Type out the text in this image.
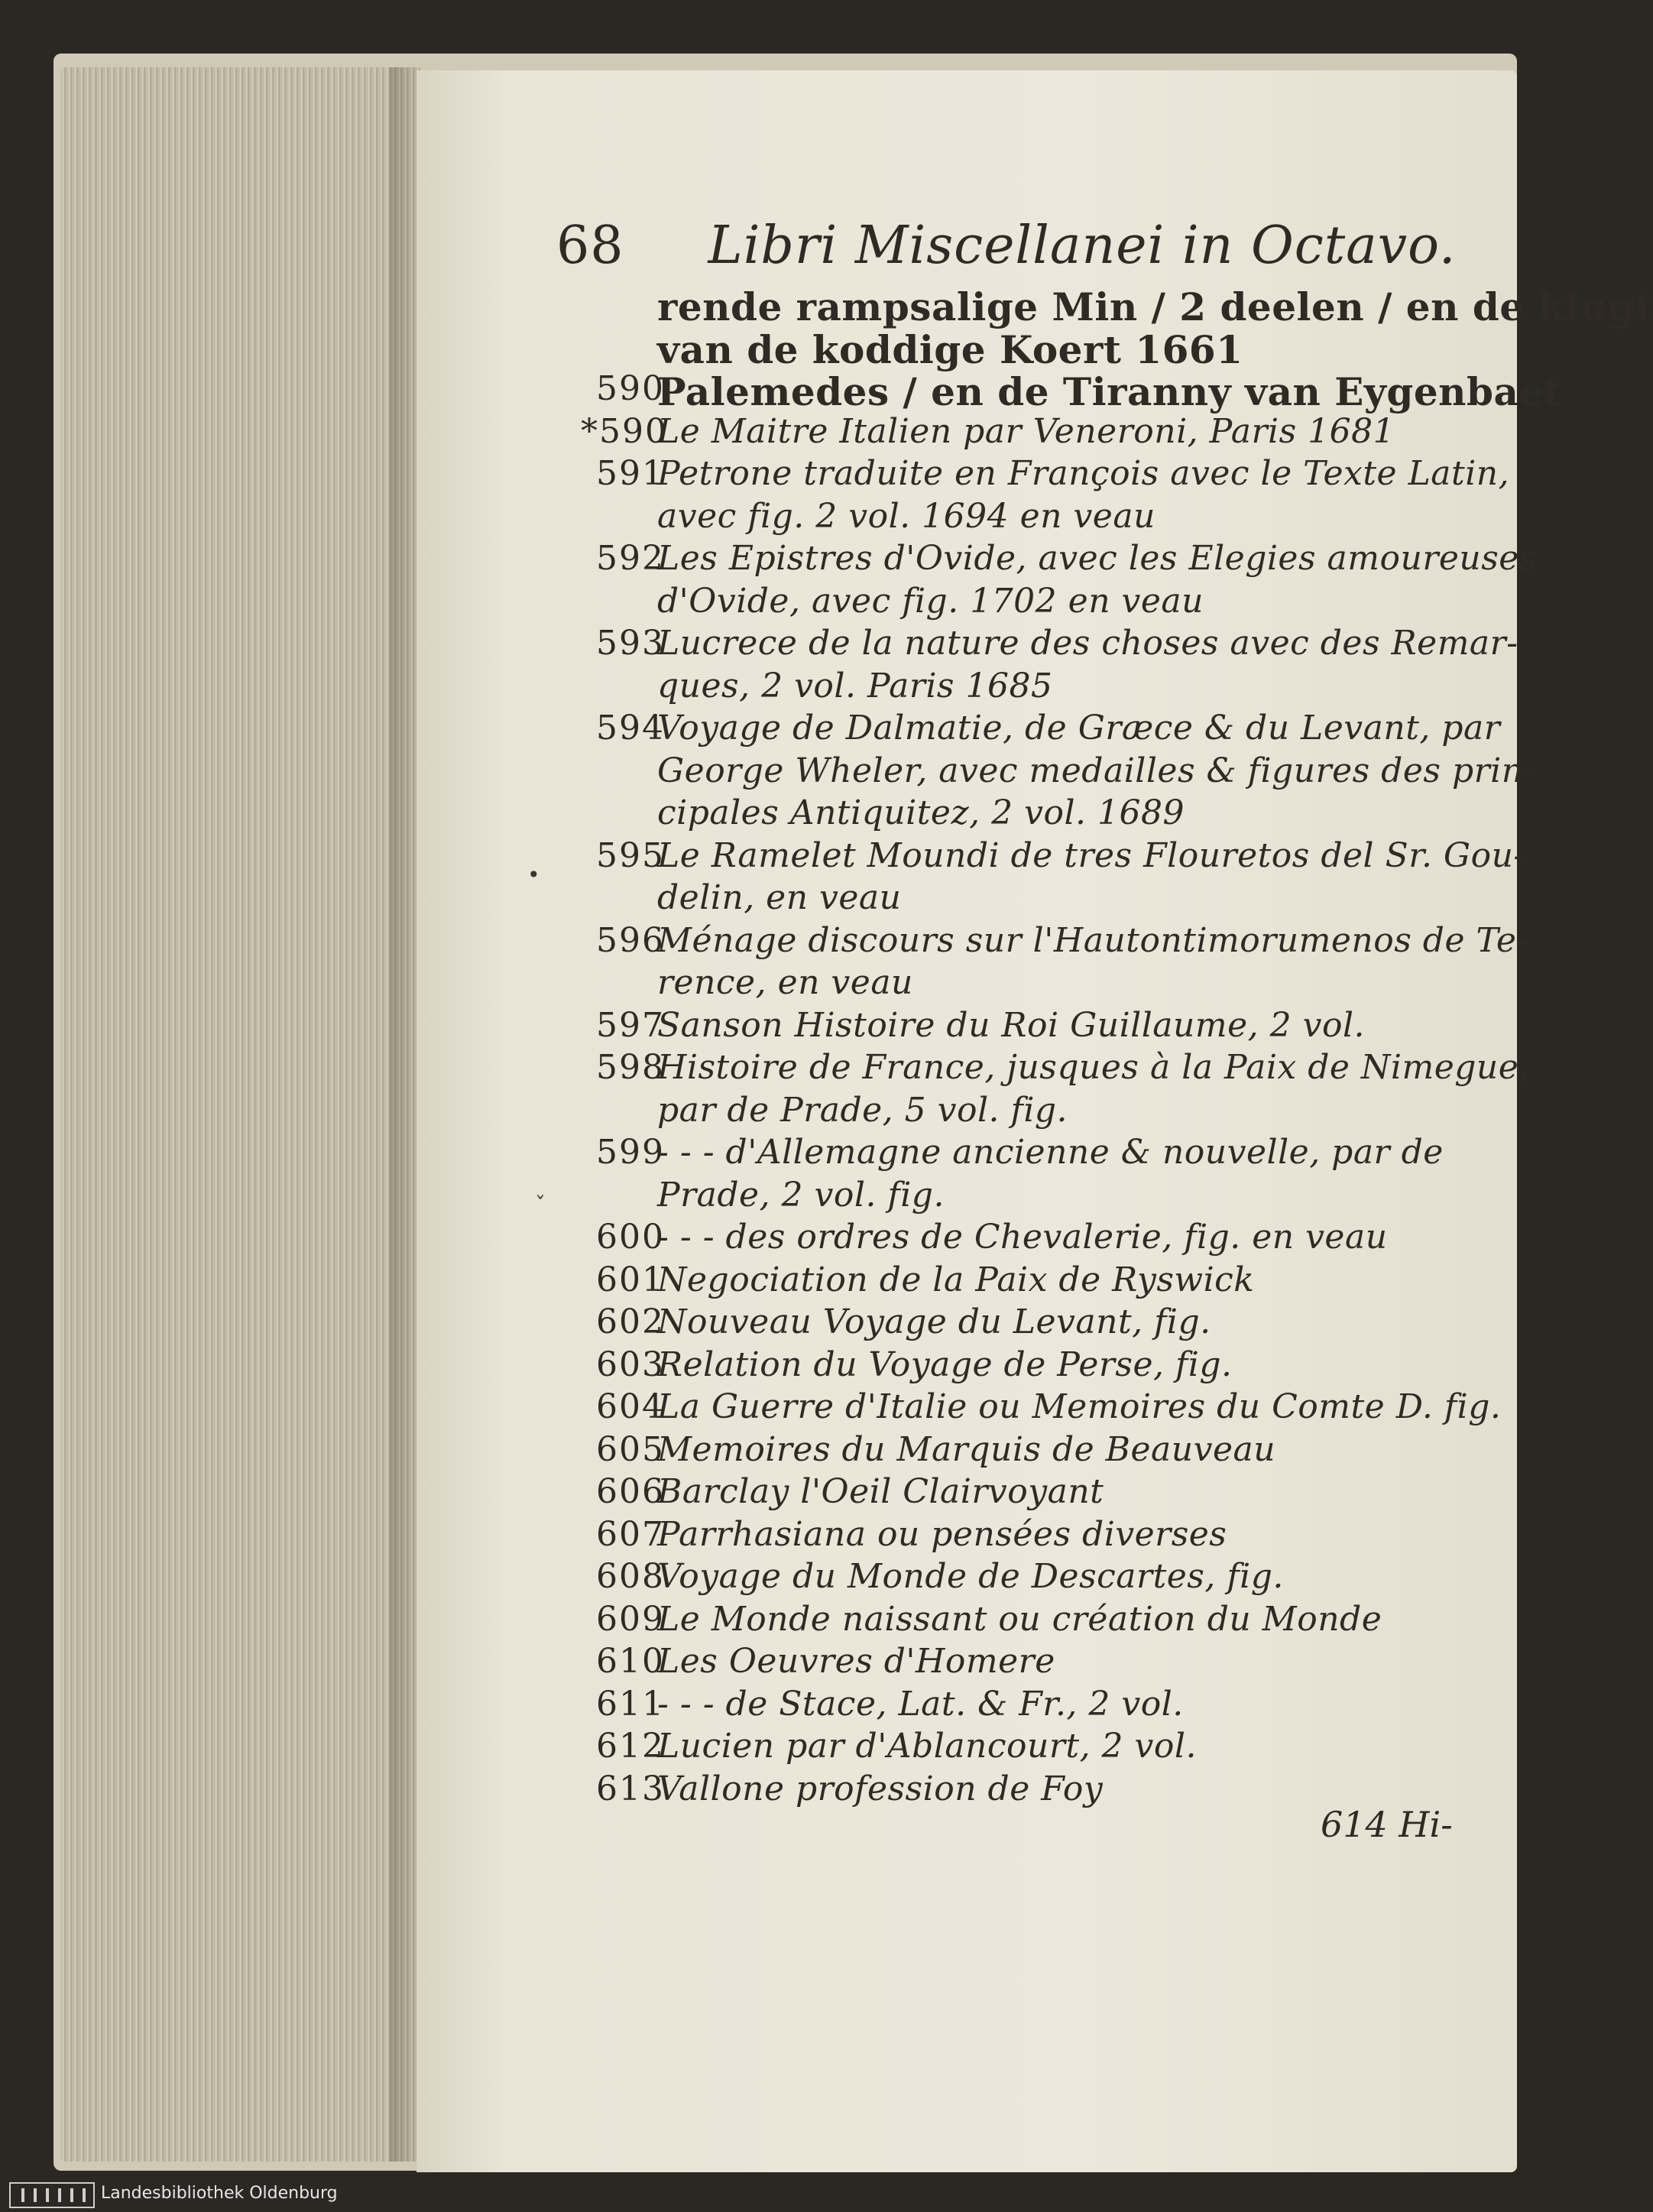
68 Libri Miscellanei in Octavo.
rende rampsalige Min / 2 deelen / en de klugt
van de koddige Koert 1661
590
Palemedes / en de Tiranny van Eygenbaet
*590
Le Maitre Italien par Veneroni, Paris 1681
591
Petrone traduite en François avec le Texte Latin,
avec fig. 2 vol. 1694 en veau
592
Les Epistres d'Ovide, avec les Elegies amoureuses
d'Ovide, avec fig. 1702 en veau
593
Lucrece de la nature des choses avec des Remar-
ques, 2 vol. Paris 1685
594
Voyage de Dalmatie, de Græce & du Levant, par
George Wheler, avec medailles & figures des prin-
cipales Antiquitez, 2 vol. 1689
595
Le Ramelet Moundi de tres Flouretos del Sr. Gou-
delin, en veau
596
Ménage discours sur l'Hautontimorumenos de Te-
rence, en veau
597
Sanson Histoire du Roi Guillaume, 2 vol.
598
Histoire de France, jusques à la Paix de Nimegue,
par de Prade, 5 vol. fig.
599
- - - d'Allemagne ancienne & nouvelle, par de
Prade, 2 vol. fig.
600
- - - des ordres de Chevalerie, fig. en veau
601
Negociation de la Paix de Ryswick
602
Nouveau Voyage du Levant, fig.
603
Relation du Voyage de Perse, fig.
604
La Guerre d'Italie ou Memoires du Comte D. fig.
605
Memoires du Marquis de Beauveau
606
Barclay l'Oeil Clairvoyant
607
Parrhasiana ou pensées diverses
608
Voyage du Monde de Descartes, fig.
609
Le Monde naissant ou création du Monde
610
Les Oeuvres d'Homere
611
- - - de Stace, Lat. & Fr., 2 vol.
612
Lucien par d'Ablancourt, 2 vol.
613
Vallone profession de Foy
•
ˇ
614 Hi-
Landesbibliothek Oldenburg
